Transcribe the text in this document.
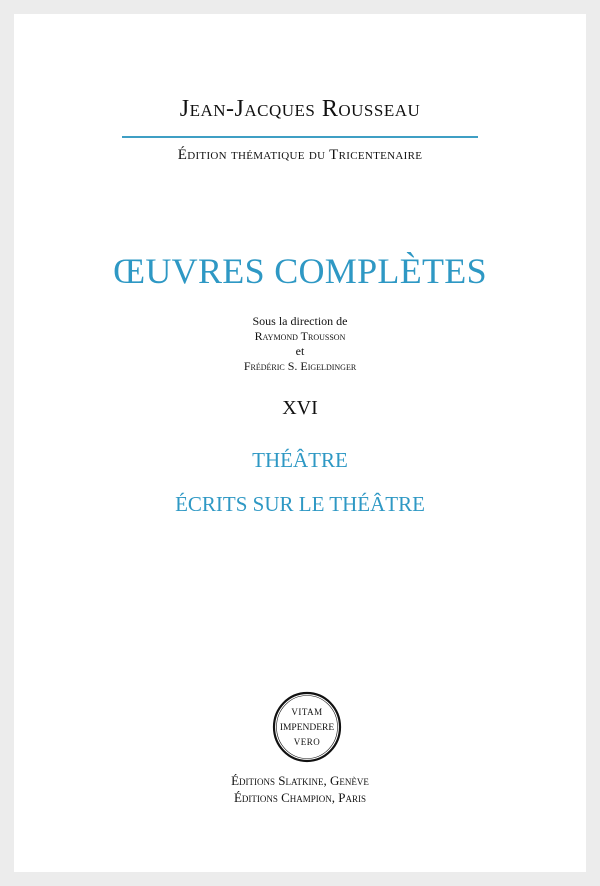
Jean-Jacques Rousseau
Édition thématique du Tricentenaire
ŒUVRES COMPLÈTES
Sous la direction de
Raymond Trousson
et
Frédéric S. Eigeldinger
XVI
THÉÂTRE
ÉCRITS SUR LE THÉÂTRE
VITAM
IMPENDERE
VERO
Éditions Slatkine, Genève
Éditions Champion, Paris
